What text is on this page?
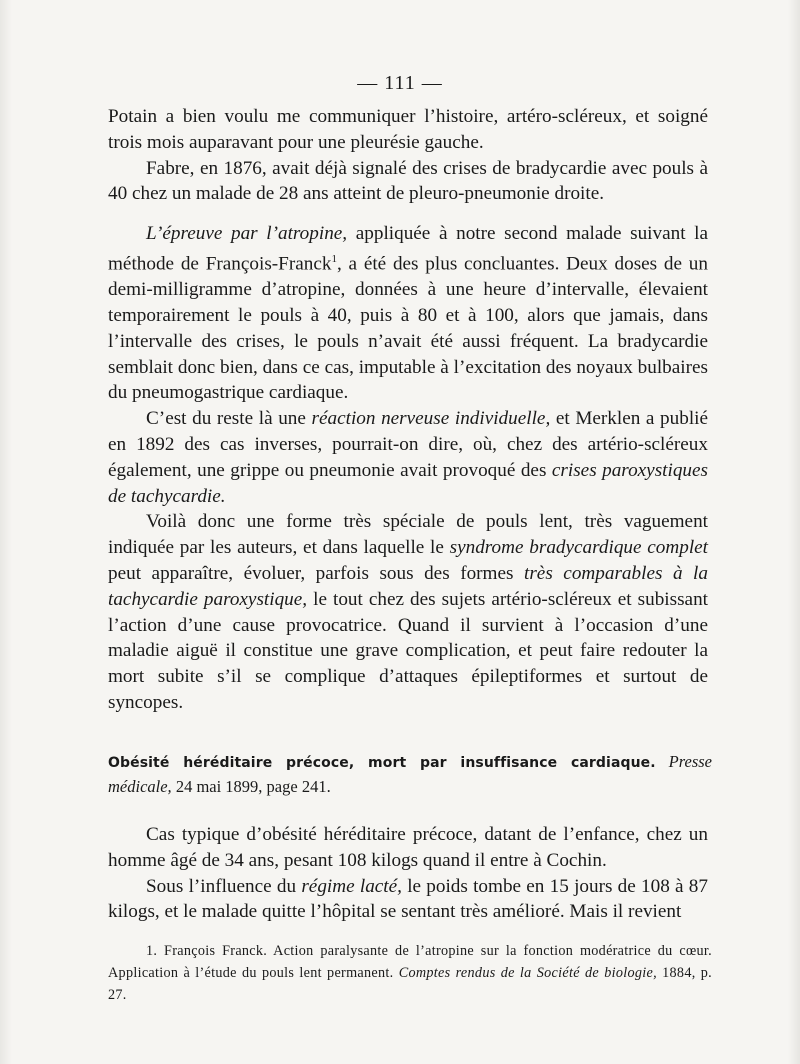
— 111 —

Potain a bien voulu me communiquer l’histoire, artéro-scléreux, et soigné trois mois auparavant pour une pleurésie gauche.

Fabre, en 1876, avait déjà signalé des crises de bradycardie avec pouls à 40 chez un malade de 28 ans atteint de pleuro-pneumonie droite.

L’épreuve par l’atropine, appliquée à notre second malade suivant la méthode de François-Franck$^1$, a été des plus concluantes. Deux doses de un demi-milligramme d’atropine, données à une heure d’intervalle, élevaient temporairement le pouls à 40, puis à 80 et à 100, alors que jamais, dans l’intervalle des crises, le pouls n’avait été aussi fréquent. La bradycardie semblait donc bien, dans ce cas, imputable à l’excitation des noyaux bulbaires du pneumogastrique cardiaque.

C’est du reste là une réaction nerveuse individuelle, et Merklen a publié en 1892 des cas inverses, pourrait-on dire, où, chez des artério-scléreux également, une grippe ou pneumonie avait provoqué des crises paroxystiques de tachycardie.

Voilà donc une forme très spéciale de pouls lent, très vaguement indiquée par les auteurs, et dans laquelle le syndrome bradycardique complet peut apparaître, évoluer, parfois sous des formes très comparables à la tachycardie paroxystique, le tout chez des sujets artério-scléreux et subissant l’action d’une cause provocatrice. Quand il survient à l’occasion d’une maladie aiguë il constitue une grave complication, et peut faire redouter la mort subite s’il se complique d’attaques épileptiformes et surtout de syncopes.

Obésité héréditaire précoce, mort par insuffisance cardiaque. Presse médicale, 24 mai 1899, page 241.

Cas typique d’obésité héréditaire précoce, datant de l’enfance, chez un homme âgé de 34 ans, pesant 108 kilogs quand il entre à Cochin.

Sous l’influence du régime lacté, le poids tombe en 15 jours de 108 à 87 kilogs, et le malade quitte l’hôpital se sentant très amélioré. Mais il revient

1. François Franck. Action paralysante de l’atropine sur la fonction modératrice du cœur. Application à l’étude du pouls lent permanent. Comptes rendus de la Société de biologie, 1884, p. 27.
